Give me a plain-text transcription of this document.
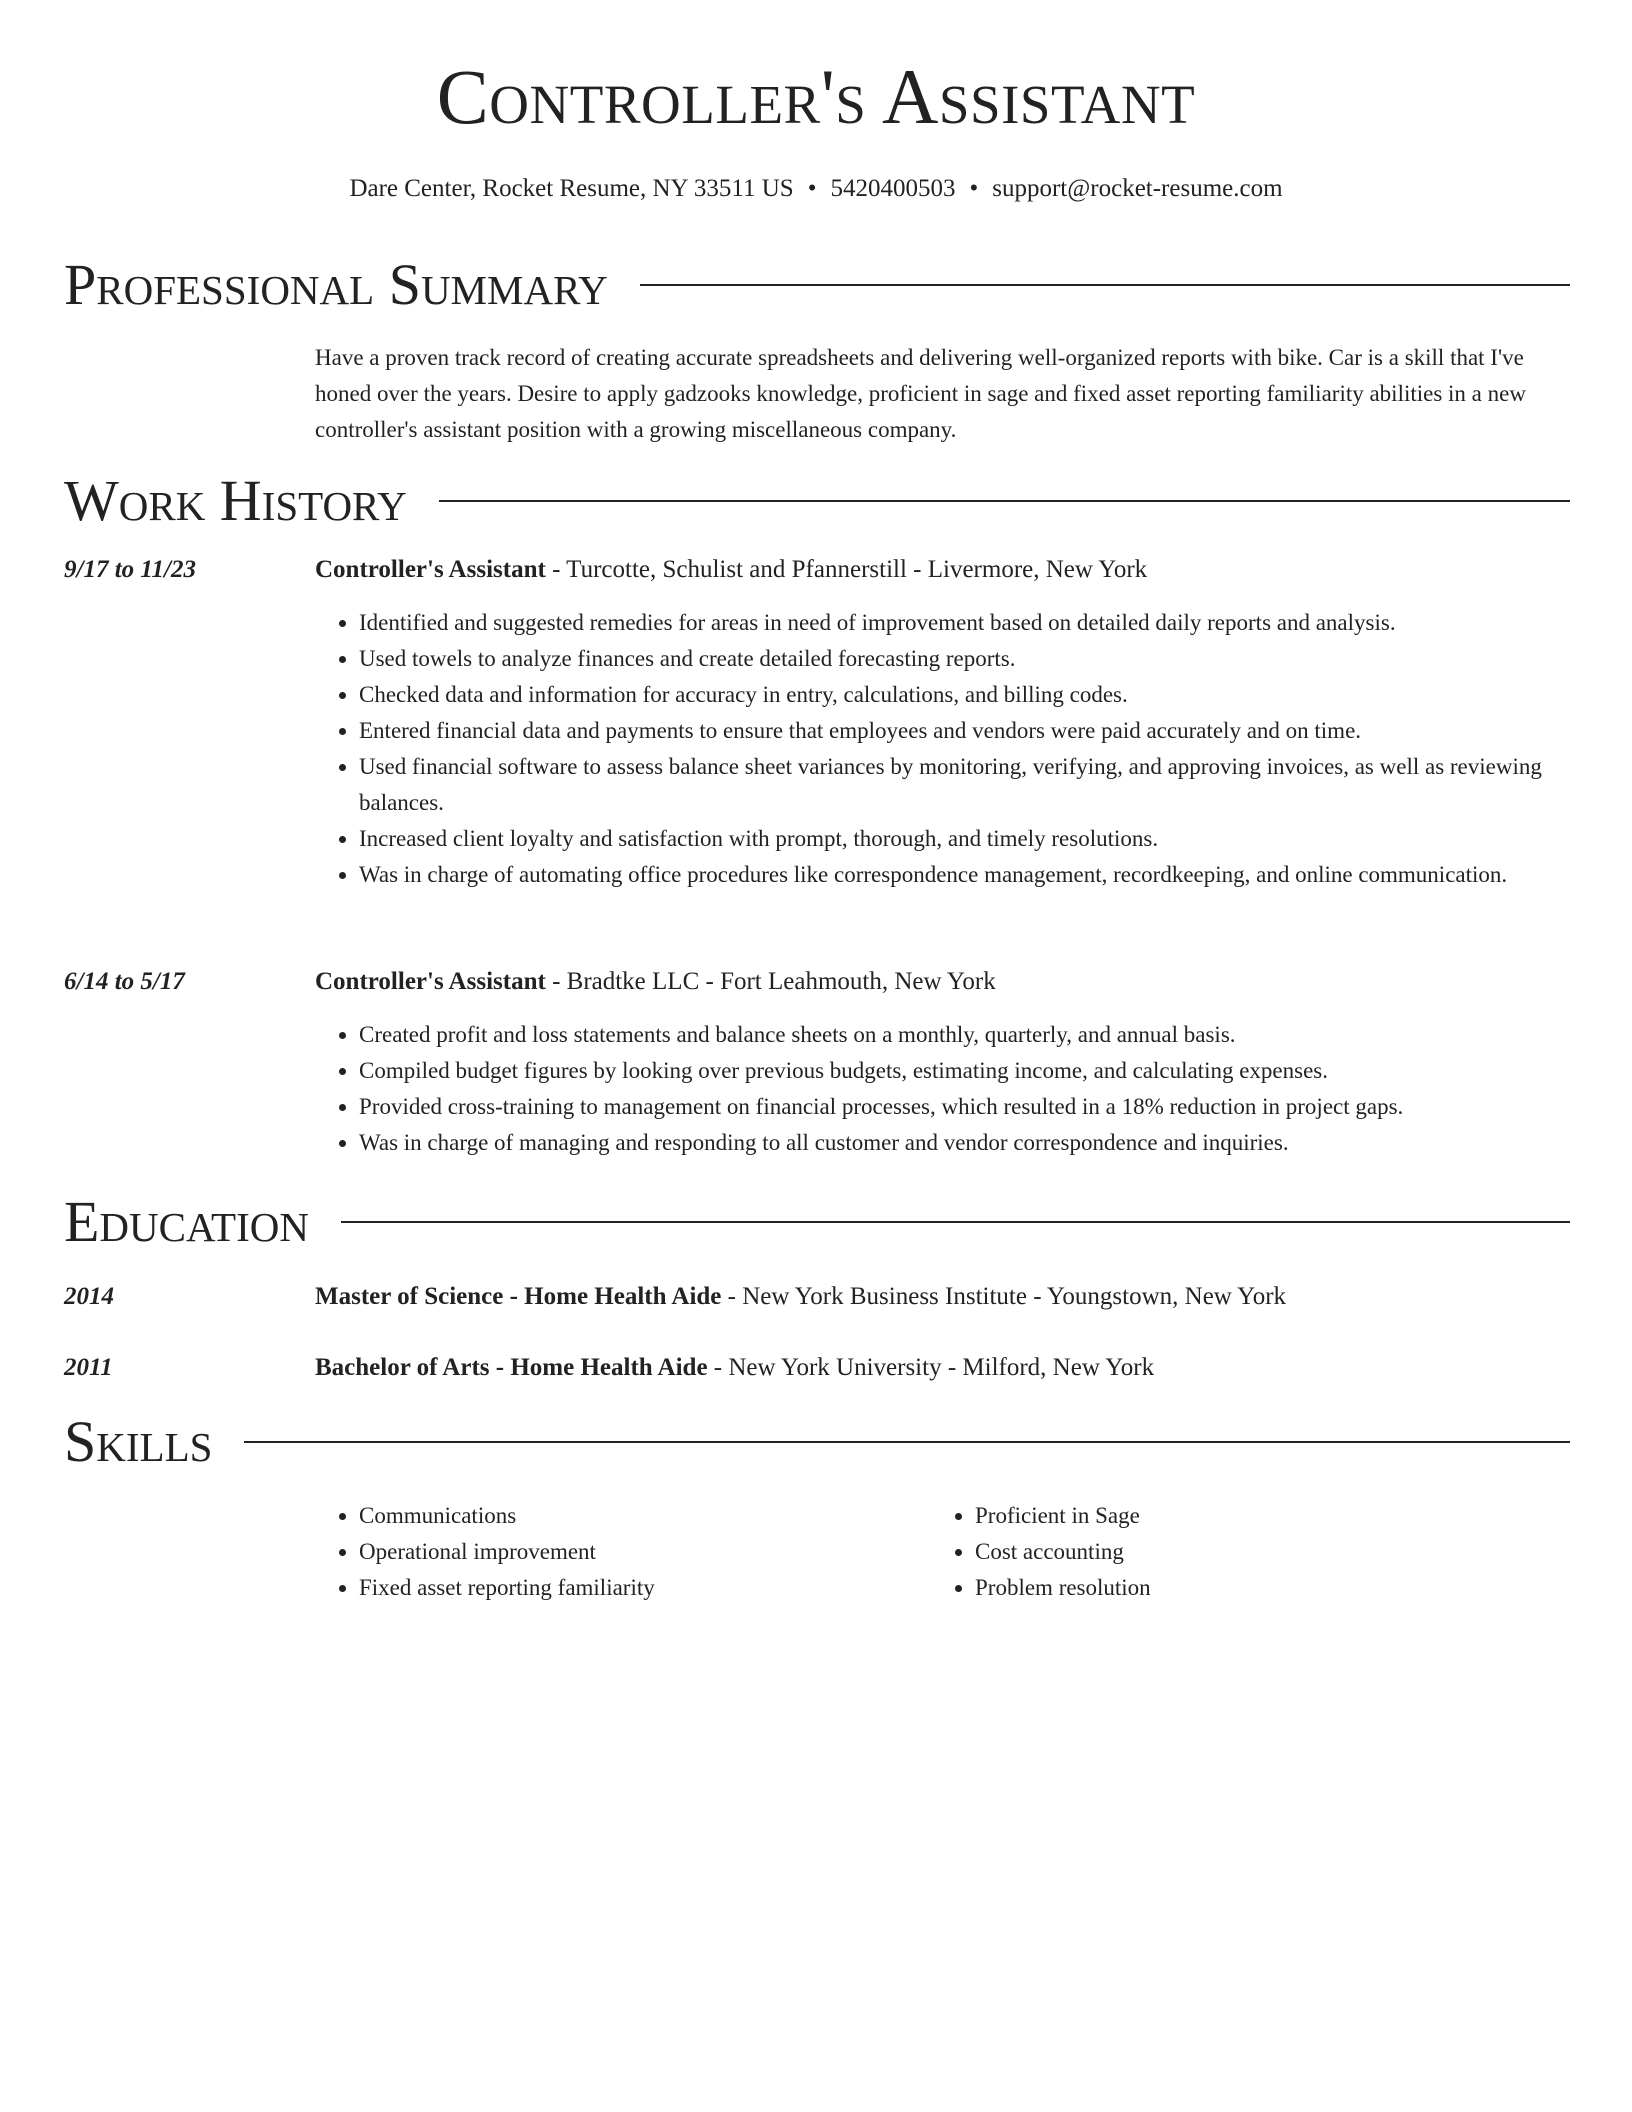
Controller's Assistant
Dare Center, Rocket Resume, NY 33511 US • 5420400503 • support@rocket-resume.com
Professional Summary

Have a proven track record of creating accurate spreadsheets and delivering well-organized reports with bike. Car is a skill that I've honed over the years. Desire to apply gadzooks knowledge, proficient in sage and fixed asset reporting familiarity abilities in a new controller's assistant position with a growing miscellaneous company.

Work History
9/17 to 11/23	Controller's Assistant - Turcotte, Schulist and Pfannerstill - Livermore, New York
• Identified and suggested remedies for areas in need of improvement based on detailed daily reports and analysis.
• Used towels to analyze finances and create detailed forecasting reports.
• Checked data and information for accuracy in entry, calculations, and billing codes.
• Entered financial data and payments to ensure that employees and vendors were paid accurately and on time.
• Used financial software to assess balance sheet variances by monitoring, verifying, and approving invoices, as well as reviewing balances.
• Increased client loyalty and satisfaction with prompt, thorough, and timely resolutions.
• Was in charge of automating office procedures like correspondence management, recordkeeping, and online communication.
6/14 to 5/17	Controller's Assistant - Bradtke LLC - Fort Leahmouth, New York
• Created profit and loss statements and balance sheets on a monthly, quarterly, and annual basis.
• Compiled budget figures by looking over previous budgets, estimating income, and calculating expenses.
• Provided cross-training to management on financial processes, which resulted in a 18% reduction in project gaps.
• Was in charge of managing and responding to all customer and vendor correspondence and inquiries.
Education
2014	Master of Science - Home Health Aide - New York Business Institute - Youngstown, New York
2011	Bachelor of Arts - Home Health Aide - New York University - Milford, New York
Skills
• Communications
• Operational improvement
• Fixed asset reporting familiarity
• Proficient in Sage
• Cost accounting
• Problem resolution
